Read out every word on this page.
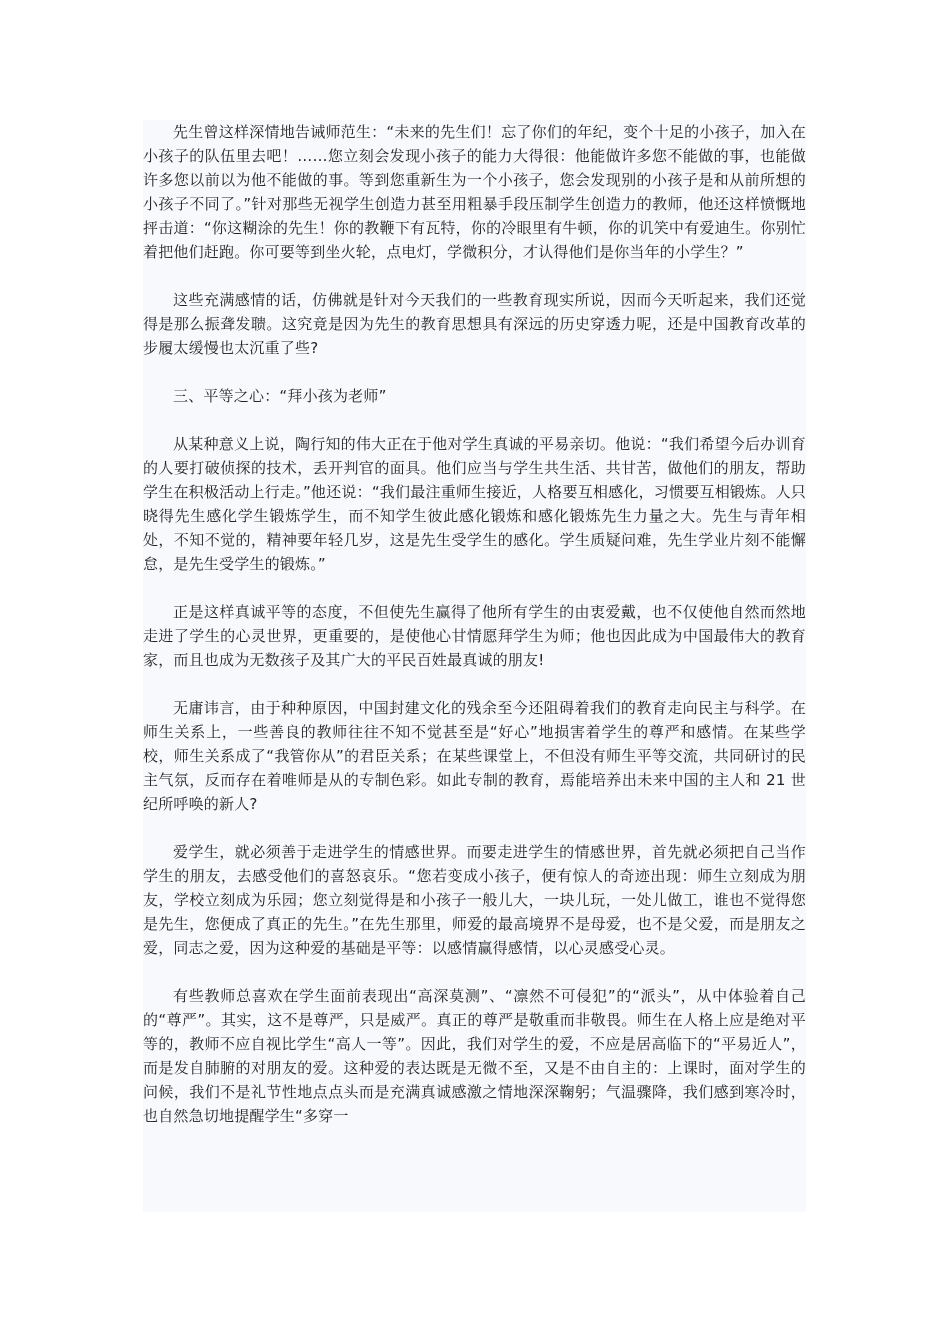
先生曾这样深情地告诫师范生：“未来的先生们！忘了你们的年纪，变个十足的小孩子，加入在小孩子的队伍里去吧！……您立刻会发现小孩子的能力大得很：他能做许多您不能做的事，也能做许多您以前以为他不能做的事。等到您重新生为一个小孩子，您会发现别的小孩子是和从前所想的小孩子不同了。”针对那些无视学生创造力甚至用粗暴手段压制学生创造力的教师，他还这样愤慨地抨击道：“你这糊涂的先生！你的教鞭下有瓦特，你的冷眼里有牛顿，你的讥笑中有爱迪生。你别忙着把他们赶跑。你可要等到坐火轮，点电灯，学微积分，才认得他们是你当年的小学生？”

这些充满感情的话，仿佛就是针对今天我们的一些教育现实所说，因而今天听起来，我们还觉得是那么振聋发聩。这究竟是因为先生的教育思想具有深远的历史穿透力呢，还是中国教育改革的步履太缓慢也太沉重了些?

三、平等之心：“拜小孩为老师”

从某种意义上说，陶行知的伟大正在于他对学生真诚的平易亲切。他说：“我们希望今后办训育的人要打破侦探的技术，丢开判官的面具。他们应当与学生共生活、共甘苦，做他们的朋友，帮助学生在积极活动上行走。”他还说：“我们最注重师生接近，人格要互相感化，习惯要互相锻炼。人只晓得先生感化学生锻炼学生，而不知学生彼此感化锻炼和感化锻炼先生力量之大。先生与青年相处，不知不觉的，精神要年轻几岁，这是先生受学生的感化。学生质疑问难，先生学业片刻不能懈怠，是先生受学生的锻炼。”

正是这样真诚平等的态度，不但使先生赢得了他所有学生的由衷爱戴，也不仅使他自然而然地走进了学生的心灵世界，更重要的，是使他心甘情愿拜学生为师；他也因此成为中国最伟大的教育家，而且也成为无数孩子及其广大的平民百姓最真诚的朋友!

无庸讳言，由于种种原因，中国封建文化的残余至今还阻碍着我们的教育走向民主与科学。在师生关系上，一些善良的教师往往不知不觉甚至是“好心”地损害着学生的尊严和感情。在某些学校，师生关系成了“我管你从”的君臣关系；在某些课堂上，不但没有师生平等交流，共同研讨的民主气氛，反而存在着唯师是从的专制色彩。如此专制的教育，焉能培养出未来中国的主人和 21 世纪所呼唤的新人?

爱学生，就必须善于走进学生的情感世界。而要走进学生的情感世界，首先就必须把自己当作学生的朋友，去感受他们的喜怒哀乐。“您若变成小孩子，便有惊人的奇迹出现：师生立刻成为朋友，学校立刻成为乐园；您立刻觉得是和小孩子一般儿大，一块儿玩，一处儿做工，谁也不觉得您是先生，您便成了真正的先生。”在先生那里，师爱的最高境界不是母爱，也不是父爱，而是朋友之爱，同志之爱，因为这种爱的基础是平等：以感情赢得感情，以心灵感受心灵。

有些教师总喜欢在学生面前表现出“高深莫测”、“凛然不可侵犯”的“派头”，从中体验着自己的“尊严”。其实，这不是尊严，只是威严。真正的尊严是敬重而非敬畏。师生在人格上应是绝对平等的，教师不应自视比学生“高人一等”。因此，我们对学生的爱，不应是居高临下的“平易近人”，而是发自肺腑的对朋友的爱。这种爱的表达既是无微不至，又是不由自主的：上课时，面对学生的问候，我们不是礼节性地点点头而是充满真诚感激之情地深深鞠躬；气温骤降，我们感到寒冷时，也自然急切地提醒学生“多穿一
